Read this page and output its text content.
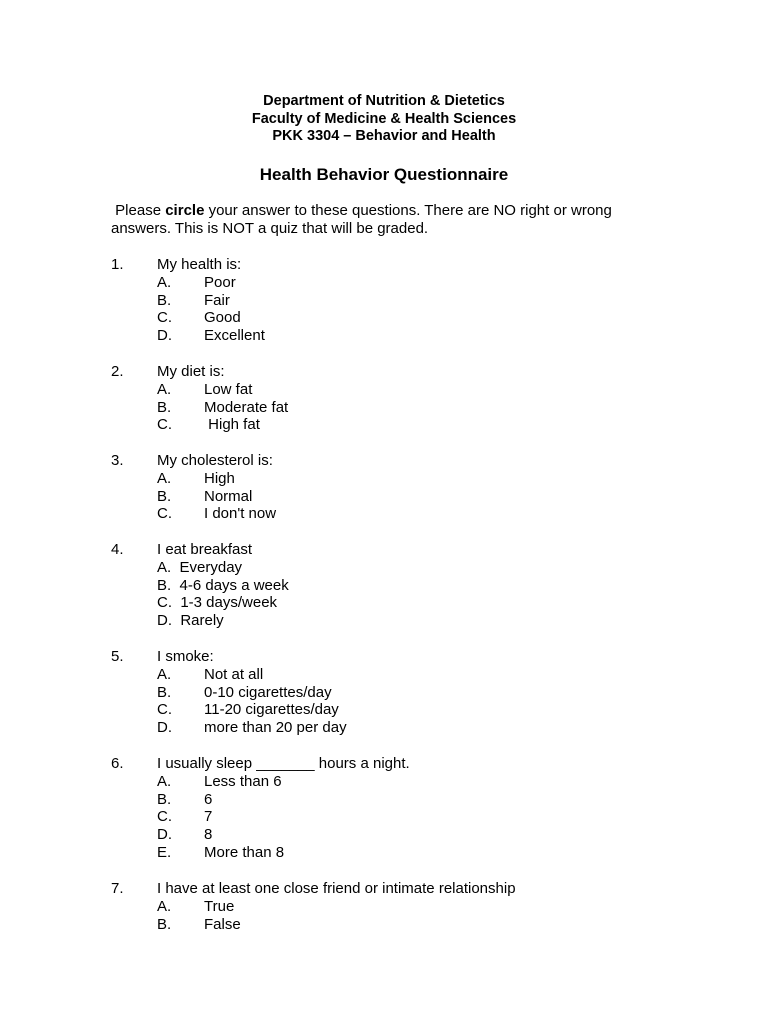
Department of Nutrition & Dietetics
Faculty of Medicine & Health Sciences
PKK 3304 – Behavior and Health
Health Behavior Questionnaire
Please circle your answer to these questions. There are NO right or wrong
answers. This is NOT a quiz that will be graded.
1. My health is:
A. Poor
B. Fair
C. Good
D. Excellent
2. My diet is:
A. Low fat
B. Moderate fat
C. High fat
3. My cholesterol is:
A. High
B. Normal
C. I don't now
4. I eat breakfast
A.  Everyday
B.  4-6 days a week
C.  1-3 days/week
D.  Rarely
5. I smoke:
A. Not at all
B. 0-10 cigarettes/day
C. 11-20 cigarettes/day
D. more than 20 per day
6. I usually sleep _______ hours a night.
A. Less than 6
B. 6
C. 7
D. 8
E. More than 8
7. I have at least one close friend or intimate relationship
A. True
B. False
